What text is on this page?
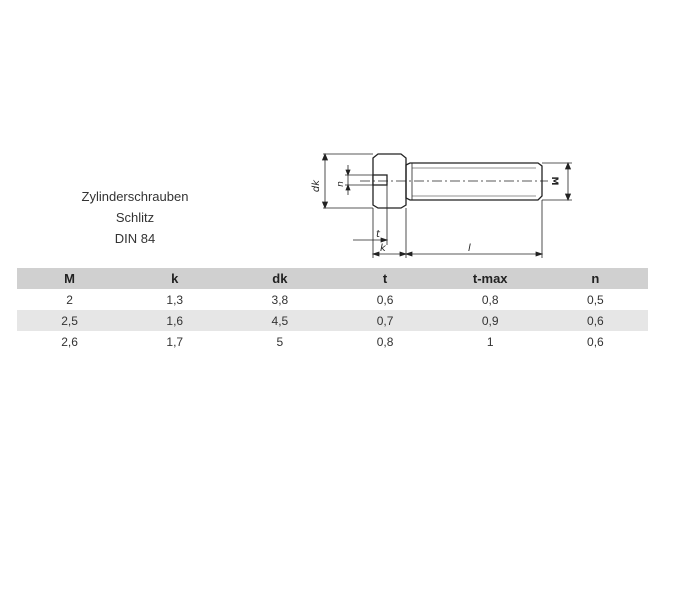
Zylinderschrauben
Schlitz
DIN 84
dk n	M
t
k	l
M	k	dk	t	t-max	n
2	1,3	3,8	0,6	0,8	0,5
2,5	1,6	4,5	0,7	0,9	0,6
2,6	1,7	5	0,8	1	0,6
